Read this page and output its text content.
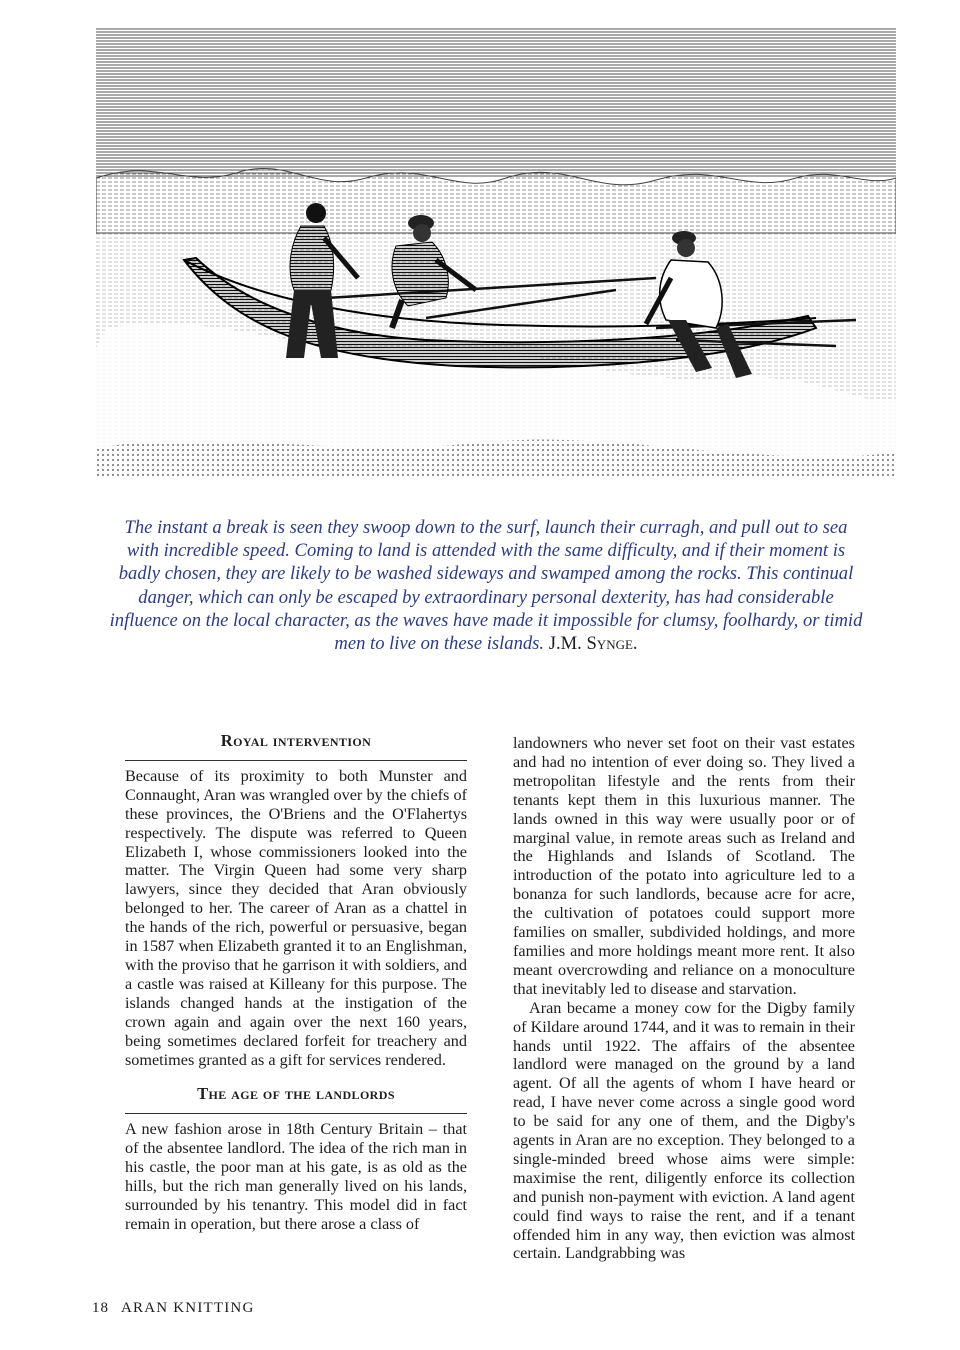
The instant a break is seen they swoop down to the surf, launch their curragh, and pull out to sea with incredible speed. Coming to land is attended with the same difficulty, and if their moment is badly chosen, they are likely to be washed sideways and swamped among the rocks. This continual danger, which can only be escaped by extraordinary personal dexterity, has had considerable influence on the local character, as the waves have made it impossible for clumsy, foolhardy, or timid men to live on these islands. J.M. Synge.

Royal intervention

Because of its proximity to both Munster and Connaught, Aran was wrangled over by the chiefs of these provinces, the O'Briens and the O'Flahertys respectively. The dispute was referred to Queen Elizabeth I, whose commissioners looked into the matter. The Virgin Queen had some very sharp lawyers, since they decided that Aran obviously belonged to her. The career of Aran as a chattel in the hands of the rich, powerful or persuasive, began in 1587 when Elizabeth granted it to an Englishman, with the proviso that he garrison it with soldiers, and a castle was raised at Killeany for this purpose. The islands changed hands at the instigation of the crown again and again over the next 160 years, being sometimes declared forfeit for treachery and sometimes granted as a gift for services rendered.

The age of the landlords

A new fashion arose in 18th Century Britain – that of the absentee landlord. The idea of the rich man in his castle, the poor man at his gate, is as old as the hills, but the rich man generally lived on his lands, surrounded by his tenantry. This model did in fact remain in operation, but there arose a class of

landowners who never set foot on their vast estates and had no intention of ever doing so. They lived a metropolitan lifestyle and the rents from their tenants kept them in this luxurious manner. The lands owned in this way were usually poor or of marginal value, in remote areas such as Ireland and the Highlands and Islands of Scotland. The introduction of the potato into agriculture led to a bonanza for such landlords, because acre for acre, the cultivation of potatoes could support more families on smaller, subdivided holdings, and more families and more holdings meant more rent. It also meant overcrowding and reliance on a monoculture that inevitably led to disease and starvation.

Aran became a money cow for the Digby family of Kildare around 1744, and it was to remain in their hands until 1922. The affairs of the absentee landlord were managed on the ground by a land agent. Of all the agents of whom I have heard or read, I have never come across a single good word to be said for any one of them, and the Digby's agents in Aran are no exception. They belonged to a single-minded breed whose aims were simple: maximise the rent, diligently enforce its collection and punish non-payment with eviction. A land agent could find ways to raise the rent, and if a tenant offended him in any way, then eviction was almost certain. Landgrabbing was

18 ARAN KNITTING
